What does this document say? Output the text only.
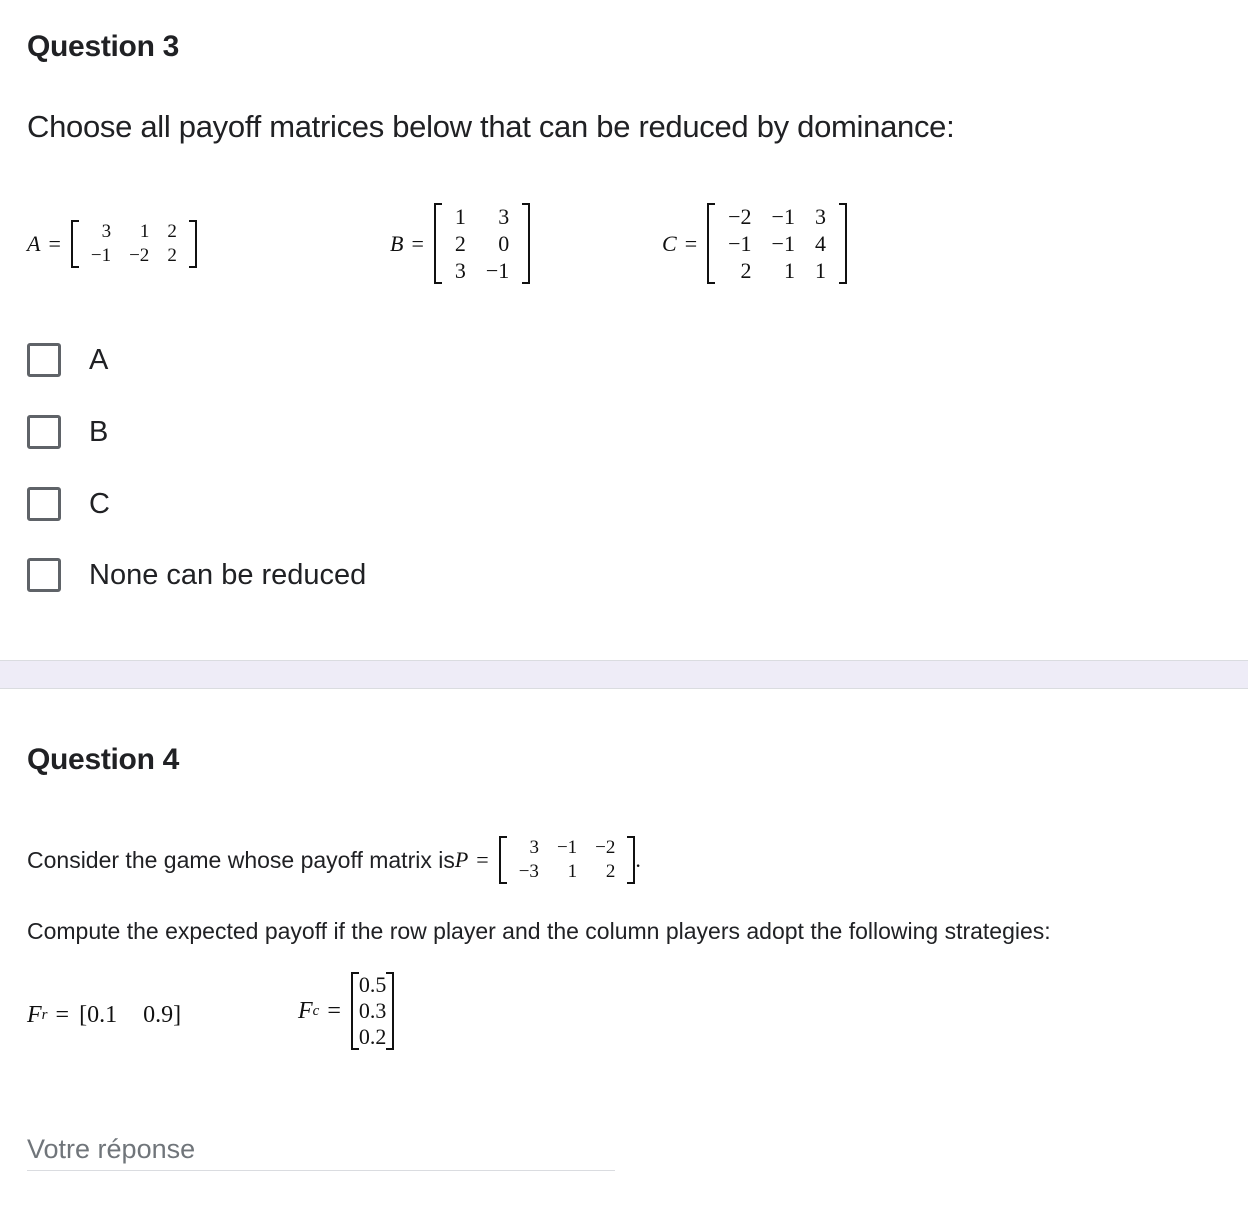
Question 3
Choose all payoff matrices below that can be reduced by dominance:
A =	3	1 2
−1 −2 2	B =
1	3
2	0
3 −1
C =
−2 −1 3
−1 −1 4
2	1 1
A
B
C
None can be reduced
Question 4
Consider the game whose payoff matrix is P =	3 −1 −2
−3	1	2 .
Compute the expected payoff if the row player and the column players adopt the following strategies:
F r = [ 0.1 0.9 ]	F c =
0.5
0.3
0.2
Votre réponse
